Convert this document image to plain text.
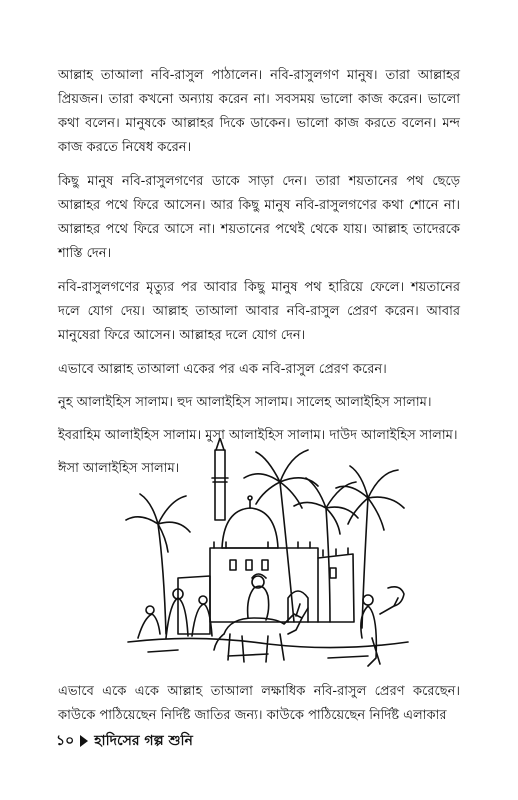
আল্লাহ তাআলা নবি-রাসুল পাঠালেন। নবি-রাসুলগণ মানুষ। তারা আল্লাহর প্রিয়জন। তারা কখনো অন্যায় করেন না। সবসময় ভালো কাজ করেন। ভালো কথা বলেন। মানুষকে আল্লাহর দিকে ডাকেন। ভালো কাজ করতে বলেন। মন্দ কাজ করতে নিষেধ করেন।

কিছু মানুষ নবি-রাসুলগণের ডাকে সাড়া দেন। তারা শয়তানের পথ ছেড়ে আল্লাহর পথে ফিরে আসেন। আর কিছু মানুষ নবি-রাসুলগণের কথা শোনে না। আল্লাহর পথে ফিরে আসে না। শয়তানের পথেই থেকে যায়। আল্লাহ তাদেরকে শাস্তি দেন।

নবি-রাসুলগণের মৃত্যুর পর আবার কিছু মানুষ পথ হারিয়ে ফেলে। শয়তানের দলে যোগ দেয়। আল্লাহ তাআলা আবার নবি-রাসুল প্রেরণ করেন। আবার মানুষেরা ফিরে আসেন। আল্লাহর দলে যোগ দেন।

এভাবে আল্লাহ তাআলা একের পর এক নবি-রাসুল প্রেরণ করেন।

নুহ আলাইহিস সালাম। হুদ আলাইহিস সালাম। সালেহ আলাইহিস সালাম।

ইবরাহিম আলাইহিস সালাম। মুসা আলাইহিস সালাম। দাউদ আলাইহিস সালাম।

ঈসা আলাইহিস সালাম।

এভাবে একে একে আল্লাহ তাআলা লক্ষাধিক নবি-রাসুল প্রেরণ করেছেন। কাউকে পাঠিয়েছেন নির্দিষ্ট জাতির জন্য। কাউকে পাঠিয়েছেন নির্দিষ্ট এলাকার

১০ হাদিসের গল্প শুনি
